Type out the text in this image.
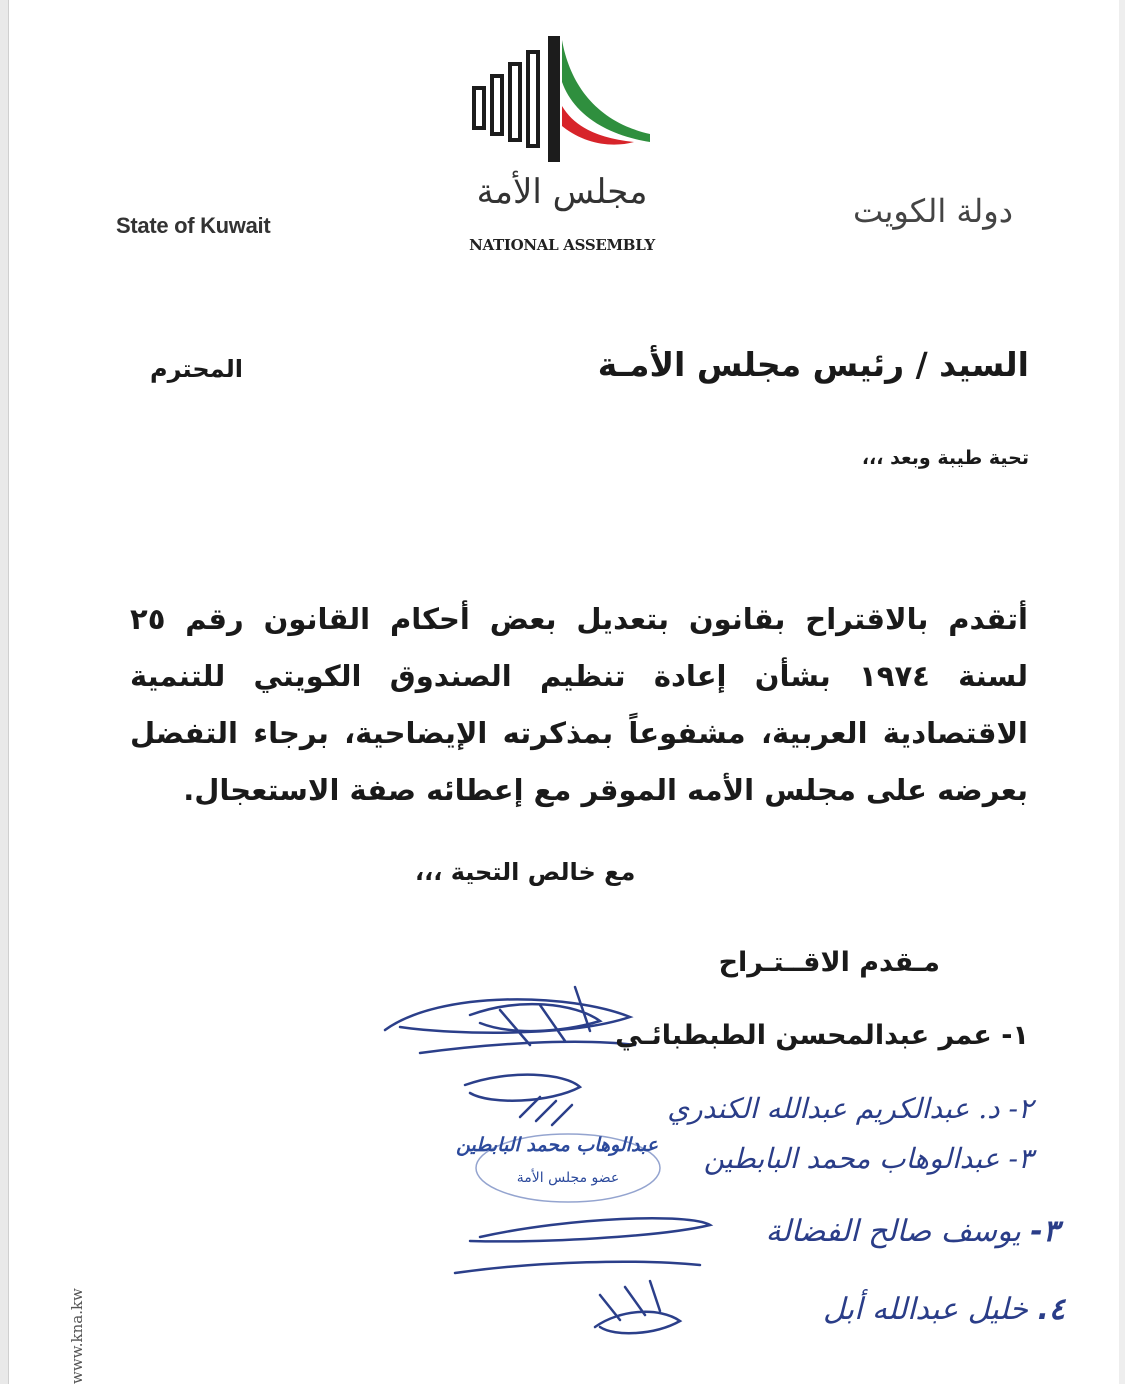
مجلس الأمة
NATIONAL ASSEMBLY
State of Kuwait	دولة الكويت
السيد / رئيس مجلس الأمـة
المحترم
تحية طيبة وبعد ،،،
أتقدم بالاقتراح بقانون بتعديل بعض أحكام القانون رقم ٢٥ لسنة ١٩٧٤ بشأن إعادة تنظيم الصندوق الكويتي للتنمية الاقتصادية العربية، مشفوعاً بمذكرته الإيضاحية، برجاء التفضل بعرضه على مجلس الأمه الموقر مع إعطائه صفة الاستعجال.
مع خالص التحية ،،،
مـقدم الاقــتـراح
عبدالوهاب محمد البابطين
عضو مجلس الأمة
١- عمر عبدالمحسن الطبطبائـي
٢- د. عبدالكريم عبدالله الكندري
٣- عبدالوهاب محمد البابطين
٣- يوسف صالح الفضالة
٤. خليل عبدالله أبل
www.kna.kw
